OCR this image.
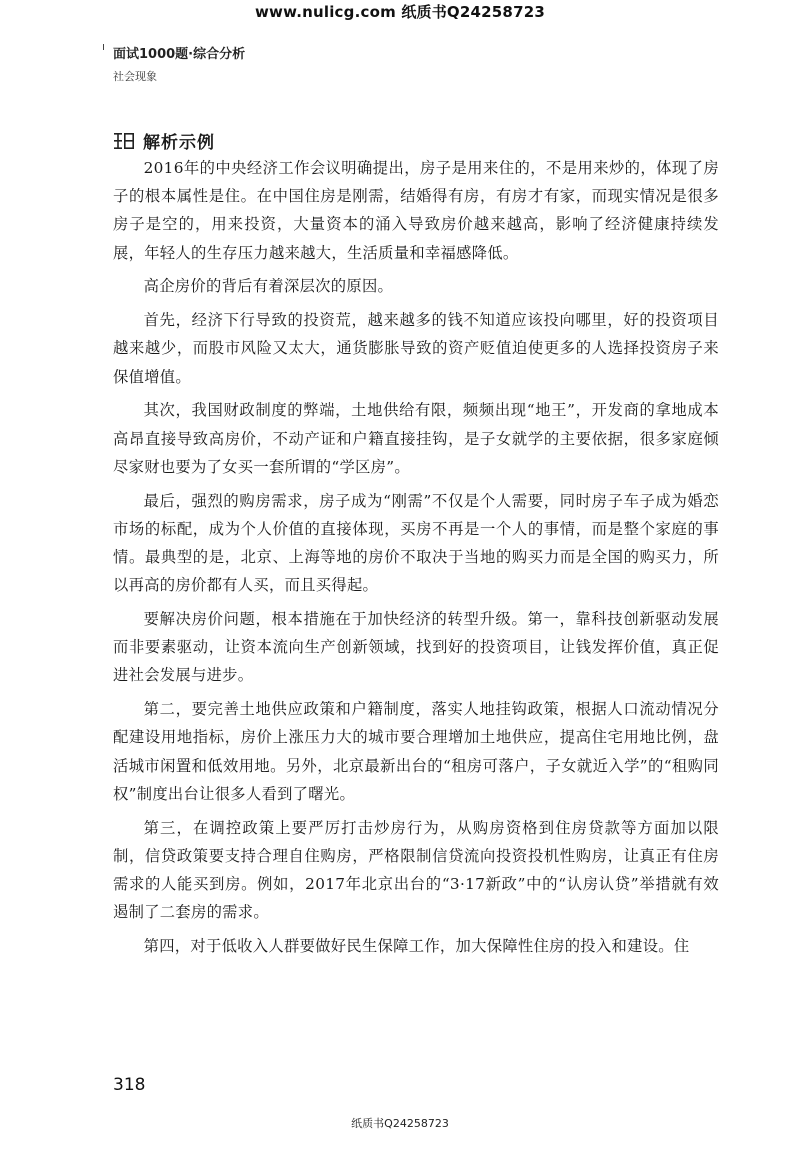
www.nulicg.com 纸质书Q24258723
面试1000题·综合分析
社会现象
解析示例

2016年的中央经济工作会议明确提出，房子是用来住的，不是用来炒的，体现了房子的根本属性是住。在中国住房是刚需，结婚得有房，有房才有家，而现实情况是很多房子是空的，用来投资，大量资本的涌入导致房价越来越高，影响了经济健康持续发展，年轻人的生存压力越来越大，生活质量和幸福感降低。

高企房价的背后有着深层次的原因。

首先，经济下行导致的投资荒，越来越多的钱不知道应该投向哪里，好的投资项目越来越少，而股市风险又太大，通货膨胀导致的资产贬值迫使更多的人选择投资房子来保值增值。

其次，我国财政制度的弊端，土地供给有限，频频出现“地王”，开发商的拿地成本高昂直接导致高房价，不动产证和户籍直接挂钩，是子女就学的主要依据，很多家庭倾尽家财也要为了女买一套所谓的“学区房”。

最后，强烈的购房需求，房子成为“刚需”不仅是个人需要，同时房子车子成为婚恋市场的标配，成为个人价值的直接体现，买房不再是一个人的事情，而是整个家庭的事情。最典型的是，北京、上海等地的房价不取决于当地的购买力而是全国的购买力，所以再高的房价都有人买，而且买得起。

要解决房价问题，根本措施在于加快经济的转型升级。第一，靠科技创新驱动发展而非要素驱动，让资本流向生产创新领域，找到好的投资项目，让钱发挥价值，真正促进社会发展与进步。

第二，要完善土地供应政策和户籍制度，落实人地挂钩政策，根据人口流动情况分配建设用地指标，房价上涨压力大的城市要合理增加土地供应，提高住宅用地比例，盘活城市闲置和低效用地。另外，北京最新出台的“租房可落户，子女就近入学”的“租购同权”制度出台让很多人看到了曙光。

第三，在调控政策上要严厉打击炒房行为，从购房资格到住房贷款等方面加以限制，信贷政策要支持合理自住购房，严格限制信贷流向投资投机性购房，让真正有住房需求的人能买到房。例如，2017年北京出台的“3·17新政”中的“认房认贷”举措就有效遏制了二套房的需求。

第四，对于低收入人群要做好民生保障工作，加大保障性住房的投入和建设。住

318
纸质书Q24258723
